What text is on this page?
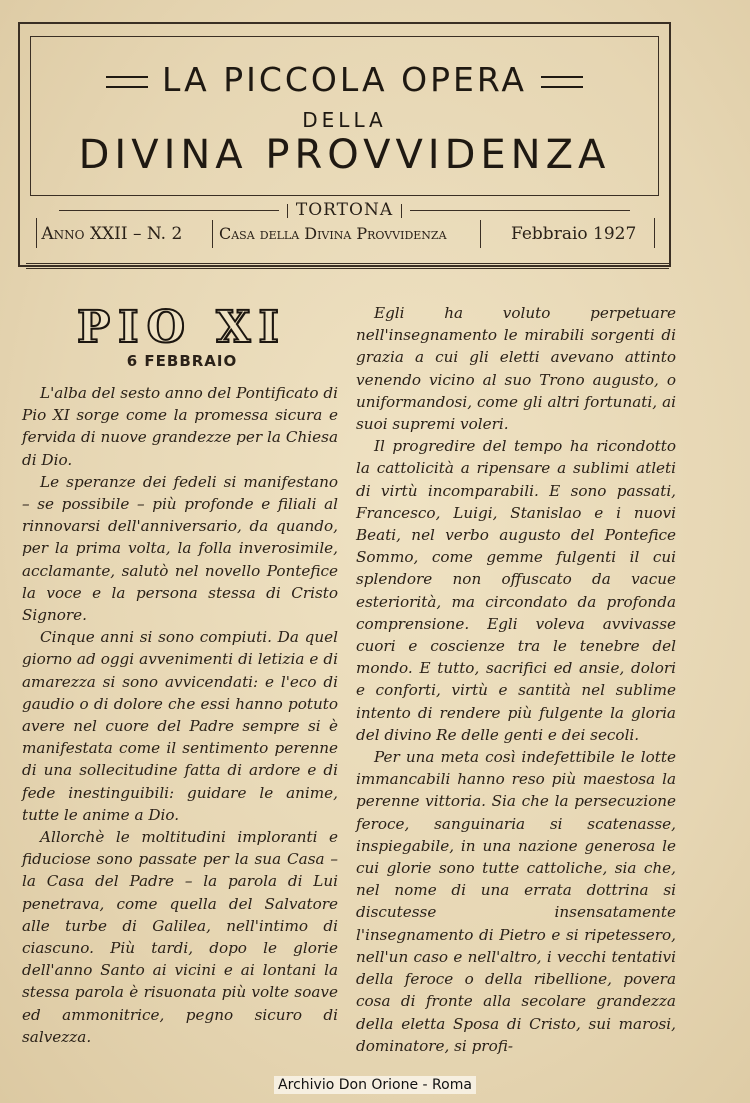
LA PICCOLA OPERA
DELLA
DIVINA PROVVIDENZA
TORTONA
Anno XXII – N. 2	Casa della Divina Provvidenza	Febbraio 1927
PIO XI
6 FEBBRAIO

L'alba del sesto anno del Pontificato di Pio XI sorge come la promessa sicura e fervida di nuove grandezze per la Chiesa di Dio.

Le speranze dei fedeli si manifestano – se possibile – più profonde e filiali al rinnovarsi dell'anniversario, da quando, per la prima volta, la folla inverosimile, acclamante, salutò nel novello Pontefice la voce e la persona stessa di Cristo Signore.

Cinque anni si sono compiuti. Da quel giorno ad oggi avvenimenti di letizia e di amarezza si sono avvicendati: e l'eco di gaudio o di dolore che essi hanno potuto avere nel cuore del Padre sempre si è manifestata come il sentimento perenne di una sollecitudine fatta di ardore e di fede inestinguibili: guidare le anime, tutte le anime a Dio.

Allorchè le moltitudini imploranti e fiduciose sono passate per la sua Casa – la Casa del Padre – la parola di Lui penetrava, come quella del Salvatore alle turbe di Galilea, nell'intimo di ciascuno. Più tardi, dopo le glorie dell'anno Santo ai vicini e ai lontani la stessa parola è risuonata più volte soave ed ammonitrice, pegno sicuro di salvezza.

Egli ha voluto perpetuare nell'insegnamento le mirabili sorgenti di grazia a cui gli eletti avevano attinto venendo vicino al suo Trono augusto, o uniformandosi, come gli altri fortunati, ai suoi supremi voleri.

Il progredire del tempo ha ricondotto la cattolicità a ripensare a sublimi atleti di virtù incomparabili. E sono passati, Francesco, Luigi, Stanislao e i nuovi Beati, nel verbo augusto del Pontefice Sommo, come gemme fulgenti il cui splendore non offuscato da vacue esteriorità, ma circondato da profonda comprensione. Egli voleva avvivasse cuori e coscienze tra le tenebre del mondo. E tutto, sacrifici ed ansie, dolori e conforti, virtù e santità nel sublime intento di rendere più fulgente la gloria del divino Re delle genti e dei secoli.

Per una meta così indefettibile le lotte immancabili hanno reso più maestosa la perenne vittoria. Sia che la persecuzione feroce, sanguinaria si scatenasse, inspiegabile, in una nazione generosa le cui glorie sono tutte cattoliche, sia che, nel nome di una errata dottrina si discutesse insensatamente l'insegnamento di Pietro e si ripetessero, nell'un caso e nell'altro, i vecchi tentativi della feroce o della ribellione, povera cosa di fronte alla secolare grandezza della eletta Sposa di Cristo, sui marosi, dominatore, si profi-

Archivio Don Orione - Roma
